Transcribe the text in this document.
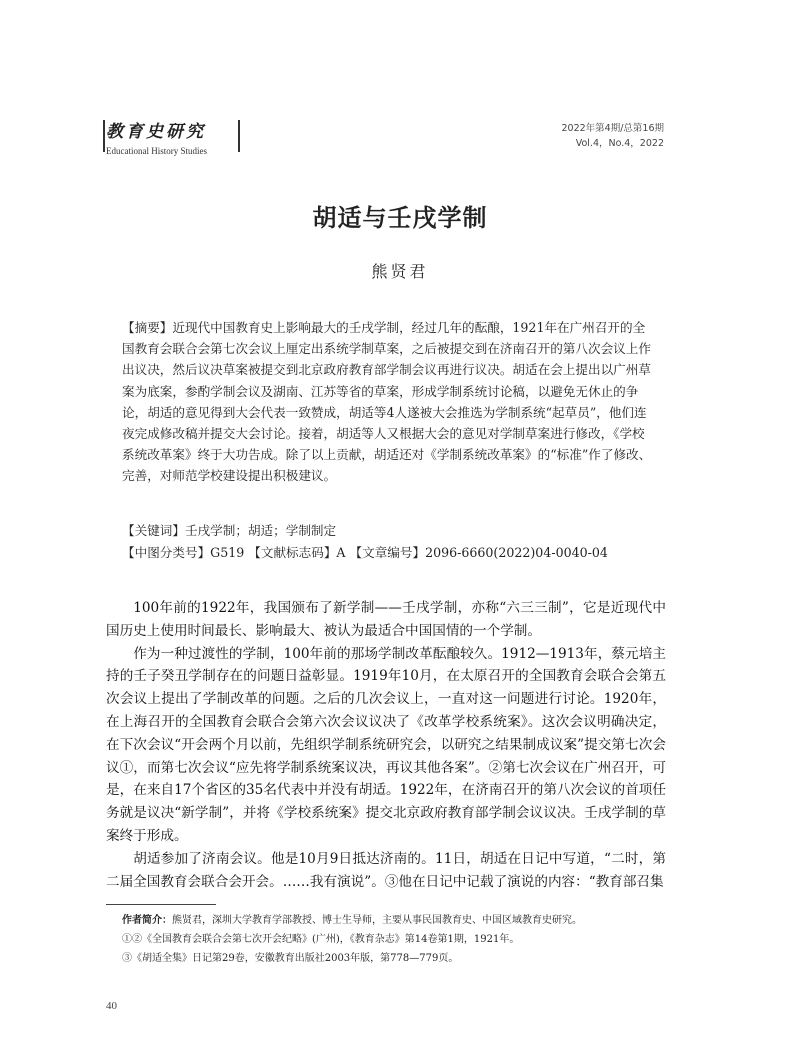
教育史研究
Educational History Studies
2022年第4期/总第16期
Vol.4，No.4，2022
胡适与壬戌学制
熊贤君
【摘要】近现代中国教育史上影响最大的壬戌学制，经过几年的酝酿，1921年在广州召开的全国教育会联合会第七次会议上厘定出系统学制草案，之后被提交到在济南召开的第八次会议上作出议决，然后议决草案被提交到北京政府教育部学制会议再进行议决。胡适在会上提出以广州草案为底案，参酌学制会议及湖南、江苏等省的草案，形成学制系统讨论稿，以避免无休止的争论，胡适的意见得到大会代表一致赞成，胡适等4人遂被大会推选为学制系统“起草员”，他们连夜完成修改稿并提交大会讨论。接着，胡适等人又根据大会的意见对学制草案进行修改，《学校系统改革案》终于大功告成。除了以上贡献，胡适还对《学制系统改革案》的“标准”作了修改、完善，对师范学校建设提出积极建议。
【关键词】壬戌学制；胡适；学制制定
【中图分类号】G519 【文献标志码】A 【文章编号】2096-6660(2022)04-0040-04

100年前的1922年，我国颁布了新学制——壬戌学制，亦称“六三三制”，它是近现代中国历史上使用时间最长、影响最大、被认为最适合中国国情的一个学制。

作为一种过渡性的学制，100年前的那场学制改革酝酿较久。1912—1913年，蔡元培主持的壬子癸丑学制存在的问题日益彰显。1919年10月，在太原召开的全国教育会联合会第五次会议上提出了学制改革的问题。之后的几次会议上，一直对这一问题进行讨论。1920年，在上海召开的全国教育会联合会第六次会议议决了《改革学校系统案》。这次会议明确决定，在下次会议“开会两个月以前，先组织学制系统研究会，以研究之结果制成议案”提交第七次会议①，而第七次会议“应先将学制系统案议决，再议其他各案”。②第七次会议在广州召开，可是，在来自17个省区的35名代表中并没有胡适。1922年，在济南召开的第八次会议的首项任务就是议决“新学制”，并将《学校系统案》提交北京政府教育部学制会议议决。壬戌学制的草案终于形成。

胡适参加了济南会议。他是10月9日抵达济南的。11日，胡适在日记中写道，“二时，第二届全国教育会联合会开会。……我有演说”。③他在日记中记载了演说的内容：“教育部召集

作者简介：熊贤君，深圳大学教育学部教授、博士生导师，主要从事民国教育史、中国区域教育史研究。
①②《全国教育会联合会第七次开会纪略》(广州)，《教育杂志》第14卷第1期，1921年。
③《胡适全集》日记第29卷，安徽教育出版社2003年版，第778—779页。
40
